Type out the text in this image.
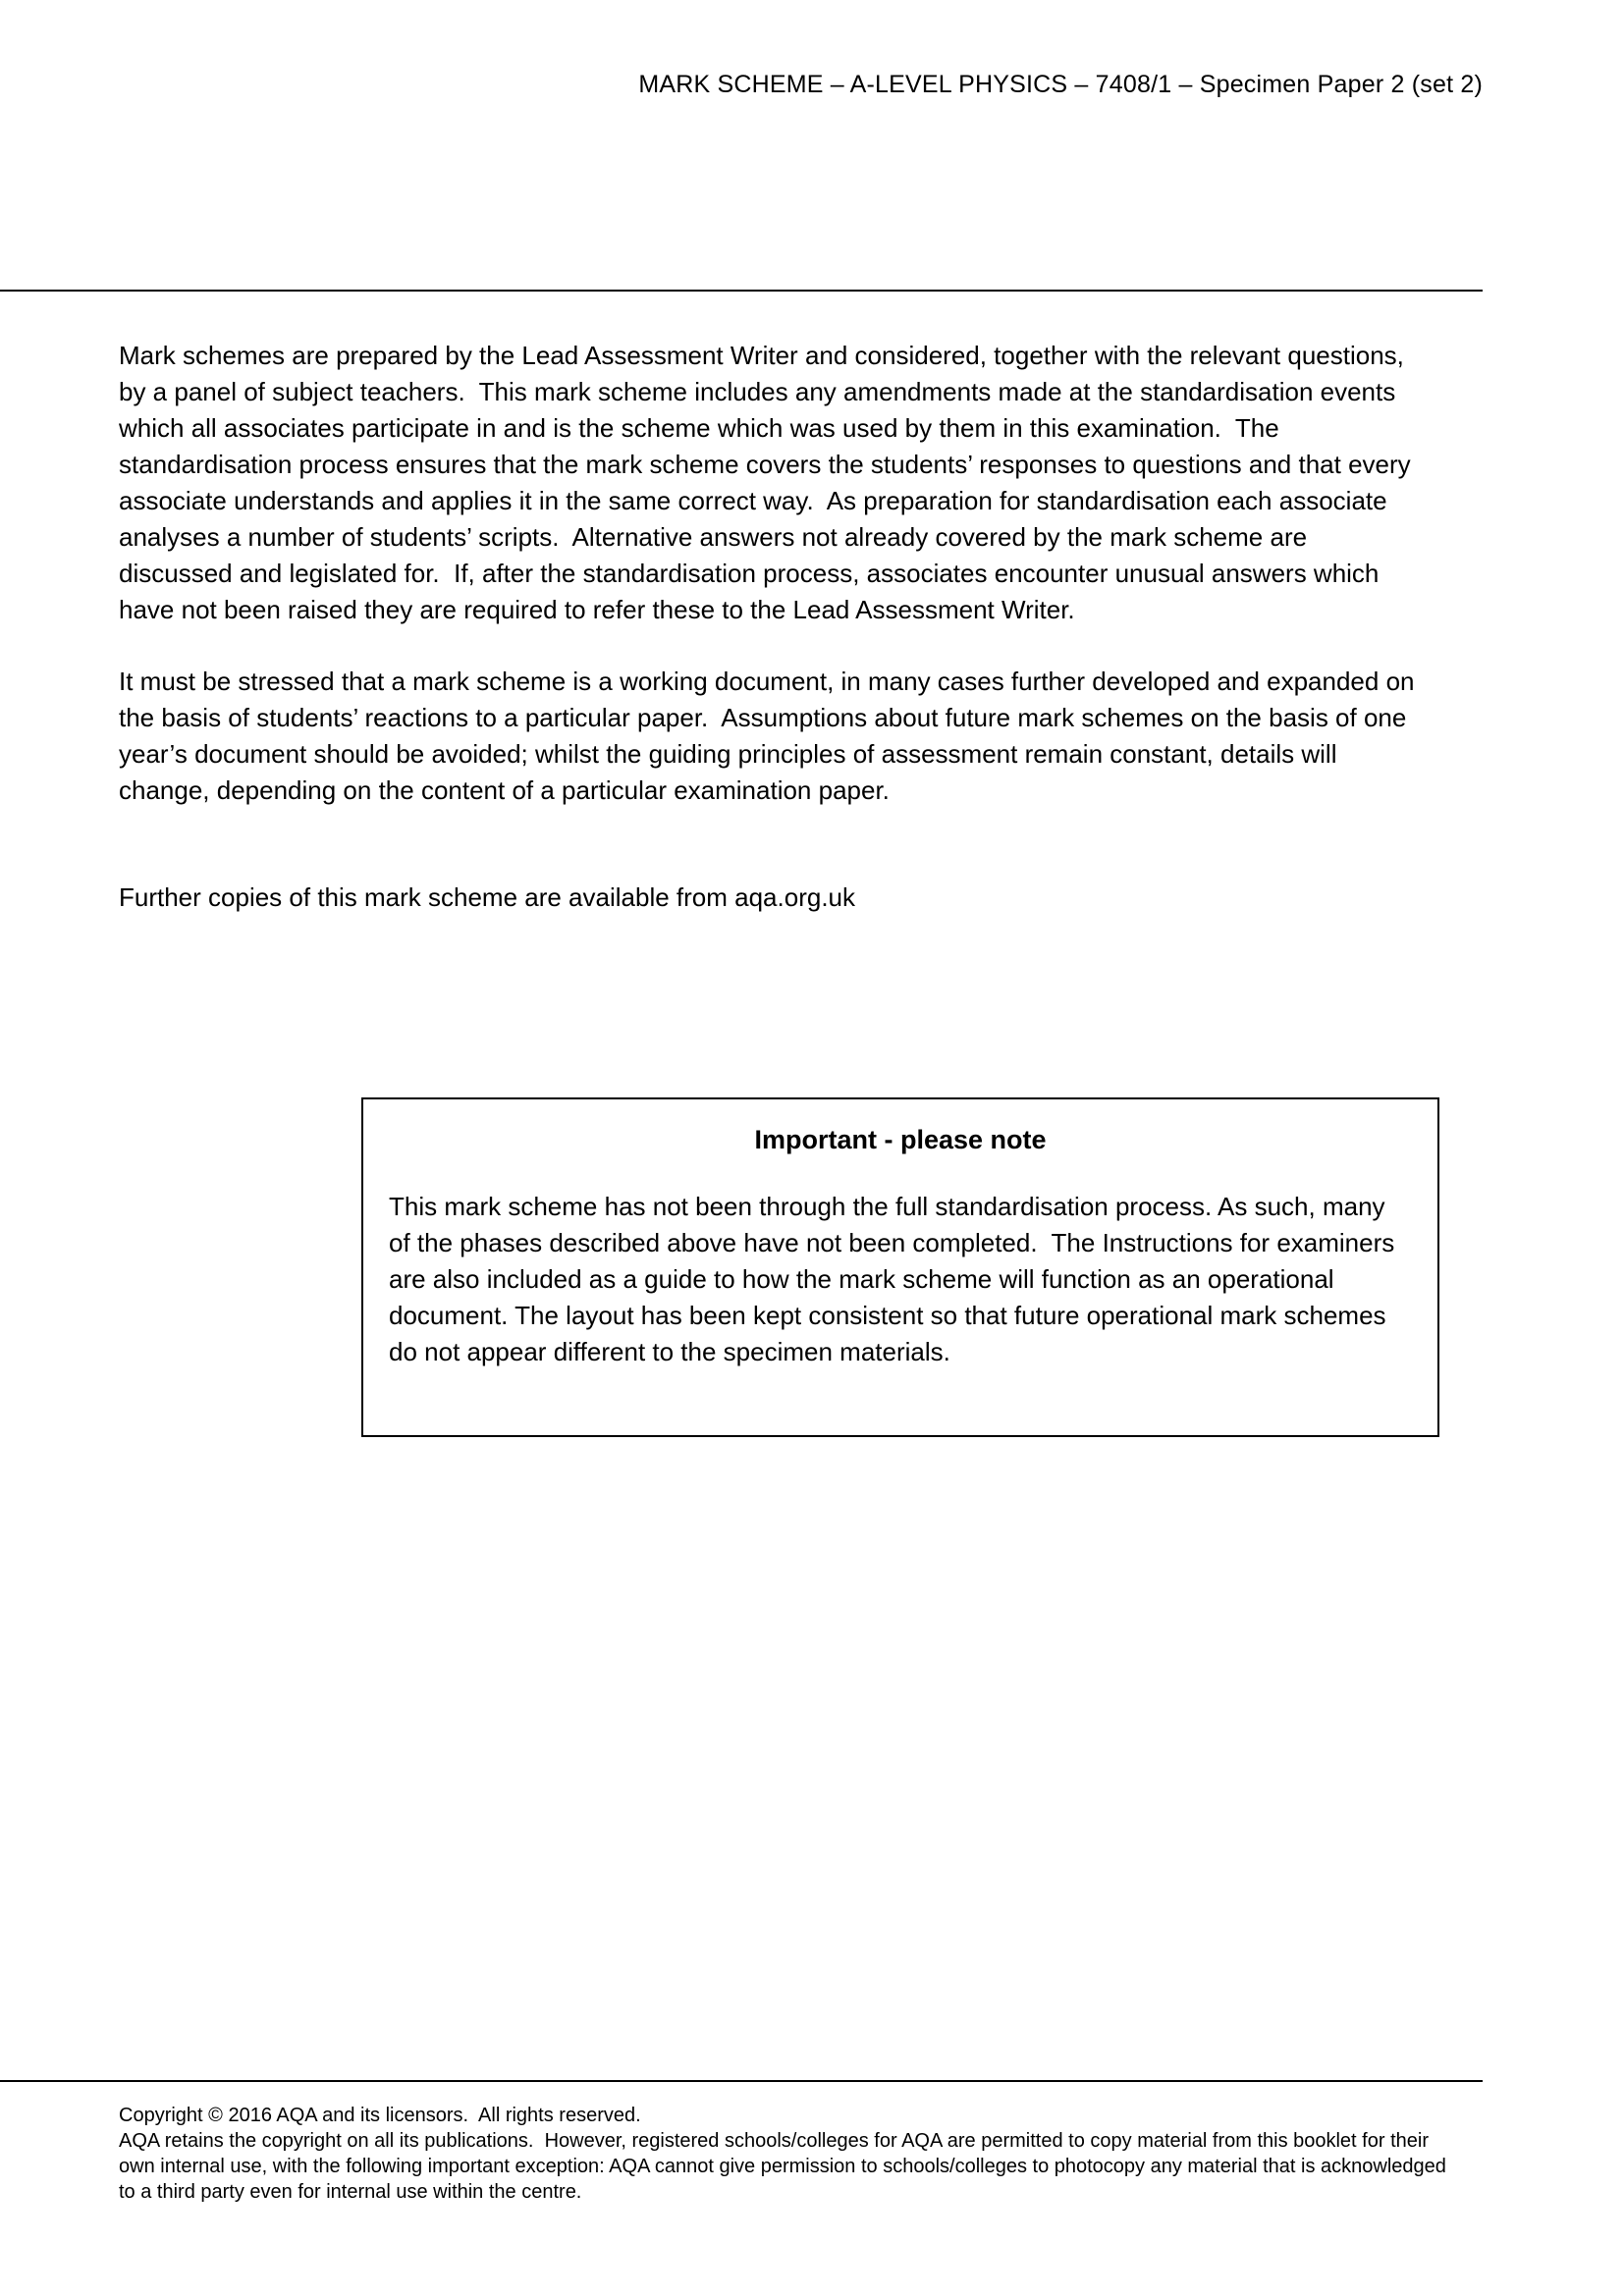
MARK SCHEME – A-LEVEL PHYSICS – 7408/1 – Specimen Paper 2 (set 2)

Mark schemes are prepared by the Lead Assessment Writer and considered, together with the relevant questions, by a panel of subject teachers.  This mark scheme includes any amendments made at the standardisation events which all associates participate in and is the scheme which was used by them in this examination.  The standardisation process ensures that the mark scheme covers the students’ responses to questions and that every associate understands and applies it in the same correct way.  As preparation for standardisation each associate analyses a number of students’ scripts.  Alternative answers not already covered by the mark scheme are discussed and legislated for.  If, after the standardisation process, associates encounter unusual answers which have not been raised they are required to refer these to the Lead Assessment Writer.

It must be stressed that a mark scheme is a working document, in many cases further developed and expanded on the basis of students’ reactions to a particular paper.  Assumptions about future mark schemes on the basis of one year’s document should be avoided; whilst the guiding principles of assessment remain constant, details will change, depending on the content of a particular examination paper.

Further copies of this mark scheme are available from aqa.org.uk

Important - please note

This mark scheme has not been through the full standardisation process. As such, many of the phases described above have not been completed.  The Instructions for examiners are also included as a guide to how the mark scheme will function as an operational document. The layout has been kept consistent so that future operational mark schemes do not appear different to the specimen materials.

Copyright © 2016 AQA and its licensors.  All rights reserved.

AQA retains the copyright on all its publications.  However, registered schools/colleges for AQA are permitted to copy material from this booklet for their own internal use, with the following important exception: AQA cannot give permission to schools/colleges to photocopy any material that is acknowledged to a third party even for internal use within the centre.
